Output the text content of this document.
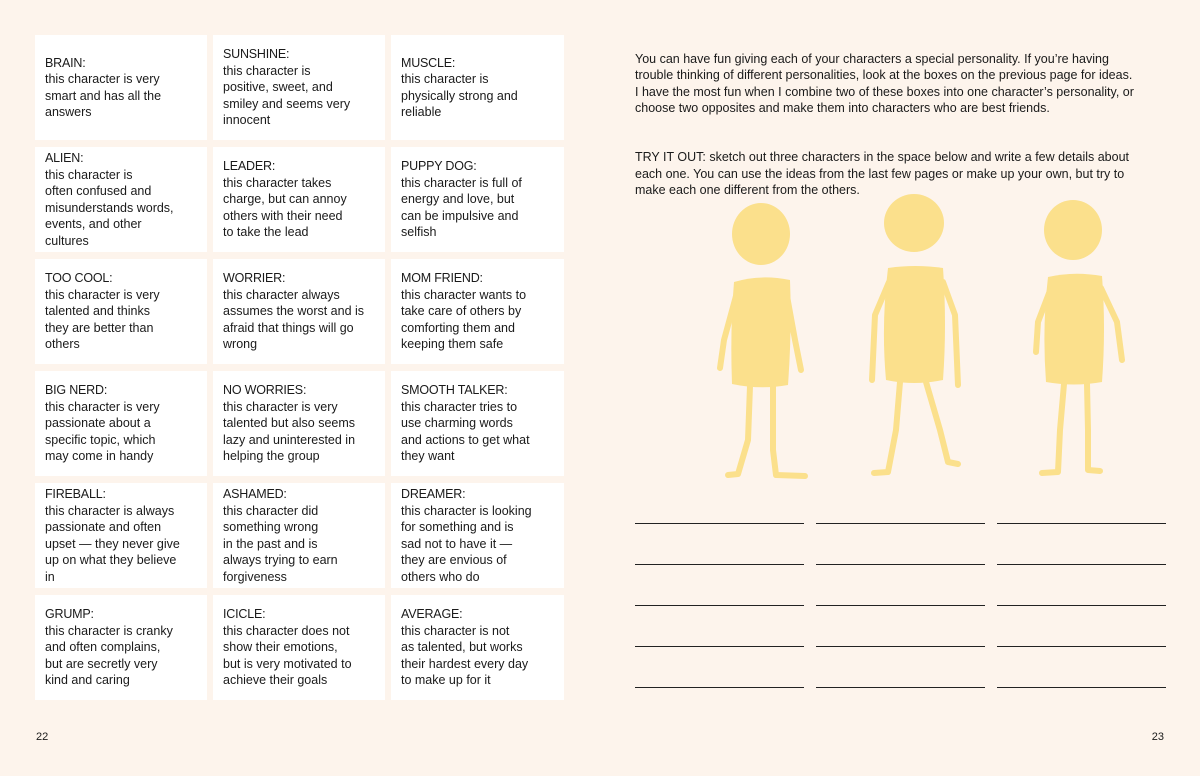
BRAIN:
this character is very
smart and has all the
answers
SUNSHINE:
this character is
positive, sweet, and
smiley and seems very
innocent
MUSCLE:
this character is
physically strong and
reliable
ALIEN:
this character is
often confused and
misunderstands words,
events, and other
cultures
LEADER:
this character takes
charge, but can annoy
others with their need
to take the lead
PUPPY DOG:
this character is full of
energy and love, but
can be impulsive and
selfish
TOO COOL:
this character is very
talented and thinks
they are better than
others
WORRIER:
this character always
assumes the worst and is
afraid that things will go
wrong
MOM FRIEND:
this character wants to
take care of others by
comforting them and
keeping them safe
BIG NERD:
this character is very
passionate about a
specific topic, which
may come in handy
NO WORRIES:
this character is very
talented but also seems
lazy and uninterested in
helping the group
SMOOTH TALKER:
this character tries to
use charming words
and actions to get what
they want
FIREBALL:
this character is always
passionate and often
upset — they never give
up on what they believe
in
ASHAMED:
this character did
something wrong
in the past and is
always trying to earn
forgiveness
DREAMER:
this character is looking
for something and is
sad not to have it —
they are envious of
others who do
GRUMP:
this character is cranky
and often complains,
but are secretly very
kind and caring
ICICLE:
this character does not
show their emotions,
but is very motivated to
achieve their goals
AVERAGE:
this character is not
as talented, but works
their hardest every day
to make up for it
22

You can have fun giving each of your characters a special personality. If you’re having
trouble thinking of different personalities, look at the boxes on the previous page for ideas.
I have the most fun when I combine two of these boxes into one character’s personality, or
choose two opposites and make them into characters who are best friends.

TRY IT OUT: sketch out three characters in the space below and write a few details about
each one. You can use the ideas from the last few pages or make up your own, but try to
make each one different from the others.

23
